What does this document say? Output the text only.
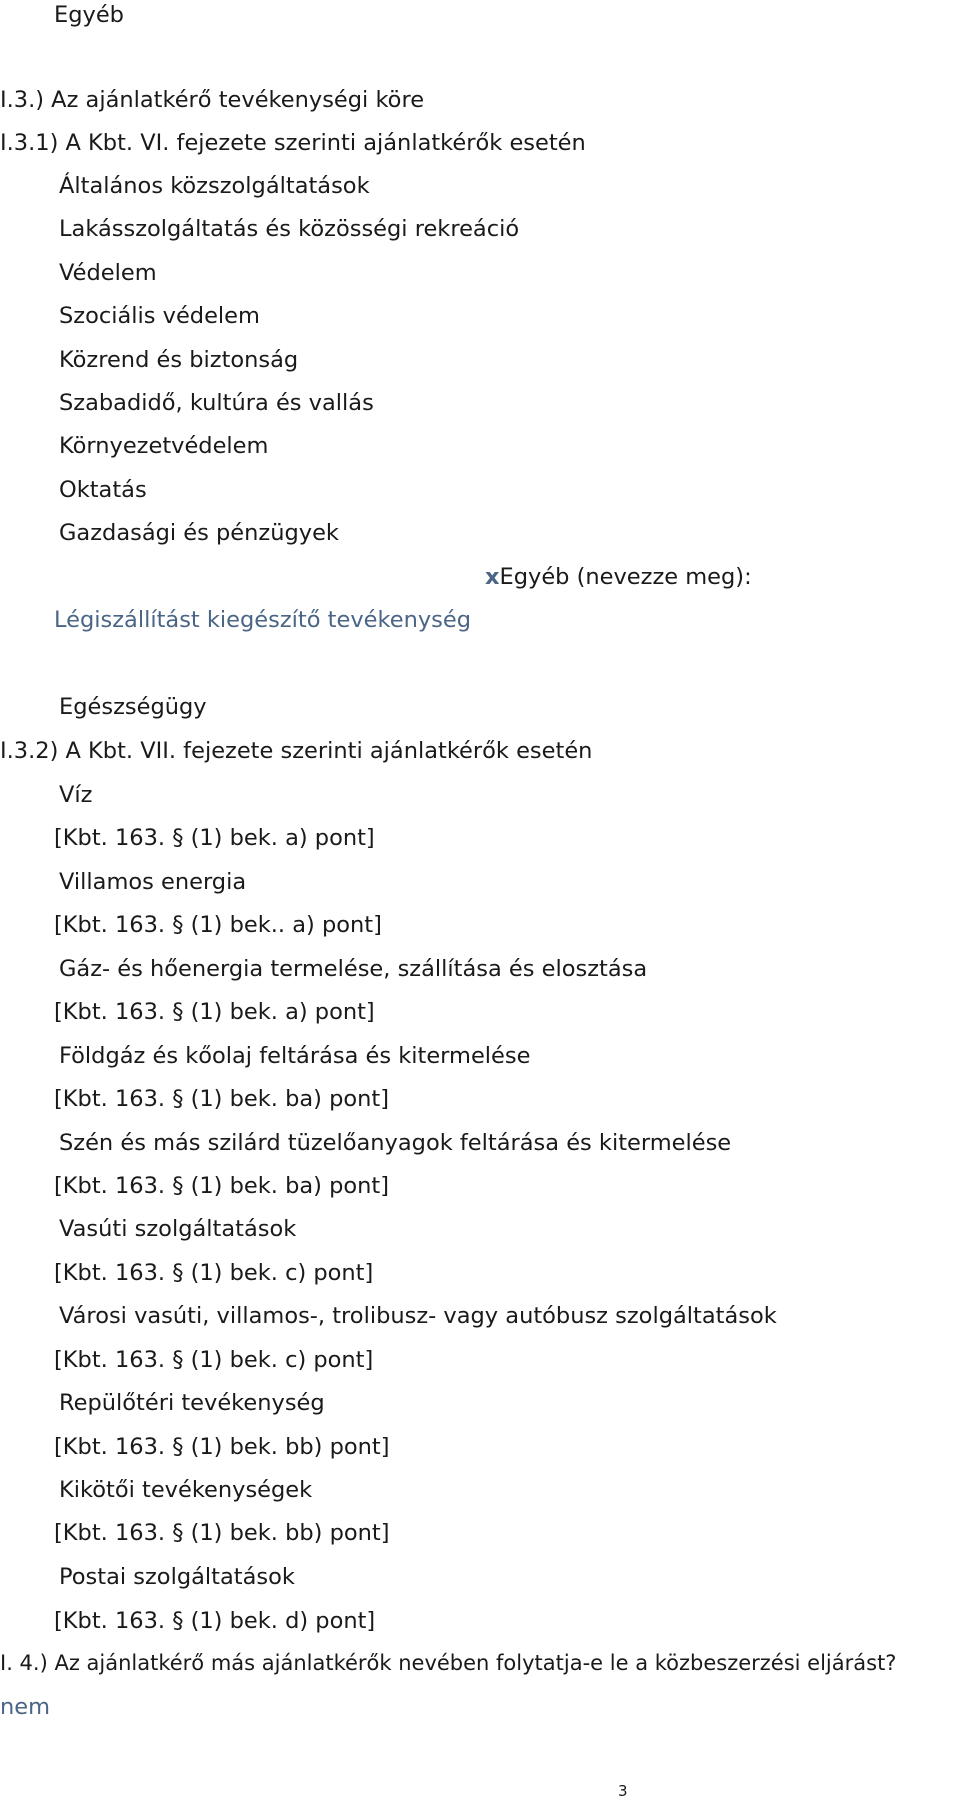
Egyéb
I.3.) Az ajánlatkérő tevékenységi köre
I.3.1) A Kbt. VI. fejezete szerinti ajánlatkérők esetén
Általános közszolgáltatások
Lakásszolgáltatás és közösségi rekreáció
Védelem
Szociális védelem
Közrend és biztonság
Szabadidő, kultúra és vallás
Környezetvédelem
Oktatás
Gazdasági és pénzügyek
xEgyéb (nevezze meg):
Légiszállítást kiegészítő tevékenység
Egészségügy
I.3.2) A Kbt. VII. fejezete szerinti ajánlatkérők esetén
Víz
[Kbt. 163. § (1) bek. a) pont]
Villamos energia
[Kbt. 163. § (1) bek.. a) pont]
Gáz- és hőenergia termelése, szállítása és elosztása
[Kbt. 163. § (1) bek. a) pont]
Földgáz és kőolaj feltárása és kitermelése
[Kbt. 163. § (1) bek. ba) pont]
Szén és más szilárd tüzelőanyagok feltárása és kitermelése
[Kbt. 163. § (1) bek. ba) pont]
Vasúti szolgáltatások
[Kbt. 163. § (1) bek. c) pont]
Városi vasúti, villamos-, trolibusz- vagy autóbusz szolgáltatások
[Kbt. 163. § (1) bek. c) pont]
Repülőtéri tevékenység
[Kbt. 163. § (1) bek. bb) pont]
Kikötői tevékenységek
[Kbt. 163. § (1) bek. bb) pont]
Postai szolgáltatások
[Kbt. 163. § (1) bek. d) pont]
I. 4.) Az ajánlatkérő más ajánlatkérők nevében folytatja-e le a közbeszerzési eljárást?
nem
3
